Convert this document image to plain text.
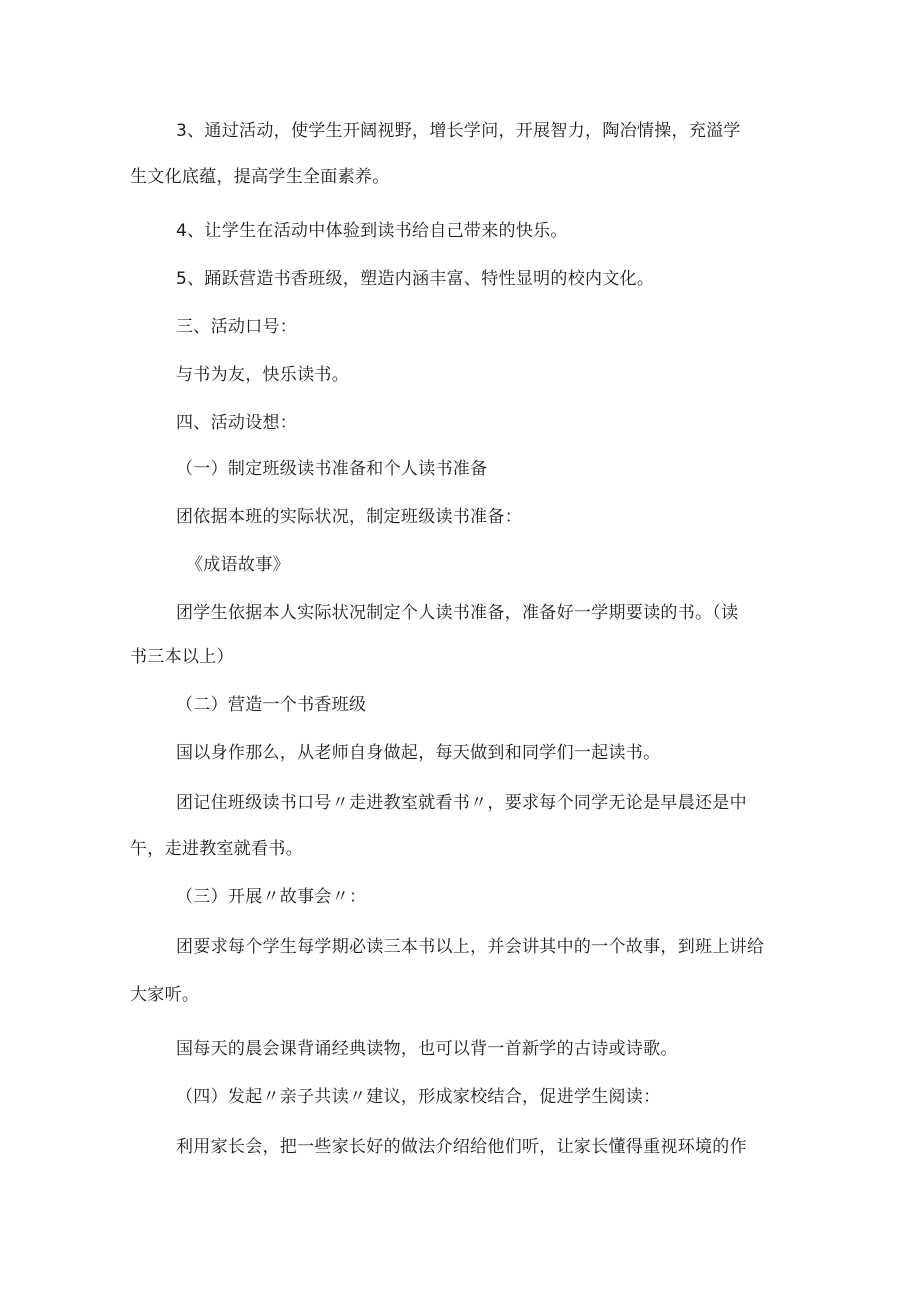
3、通过活动，使学生开阔视野，增长学问，开展智力，陶冶情操，充溢学

生文化底蕴，提高学生全面素养。

4、让学生在活动中体验到读书给自己带来的快乐。

5、踊跃营造书香班级，塑造内涵丰富、特性显明的校内文化。

三、活动口号：

与书为友，快乐读书。

四、活动设想：

（一）制定班级读书准备和个人读书准备

团依据本班的实际状况，制定班级读书准备：

《成语故事》

团学生依据本人实际状况制定个人读书准备，准备好一学期要读的书。（读

书三本以上）

（二）营造一个书香班级

国以身作那么，从老师自身做起，每天做到和同学们一起读书。

团记住班级读书口号〃走进教室就看书〃，要求每个同学无论是早晨还是中

午，走进教室就看书。

（三）开展〃故事会〃：

团要求每个学生每学期必读三本书以上，并会讲其中的一个故事，到班上讲给

大家听。

国每天的晨会课背诵经典读物，也可以背一首新学的古诗或诗歌。

（四）发起〃亲子共读〃建议，形成家校结合，促进学生阅读：

利用家长会，把一些家长好的做法介绍给他们听，让家长懂得重视环境的作
